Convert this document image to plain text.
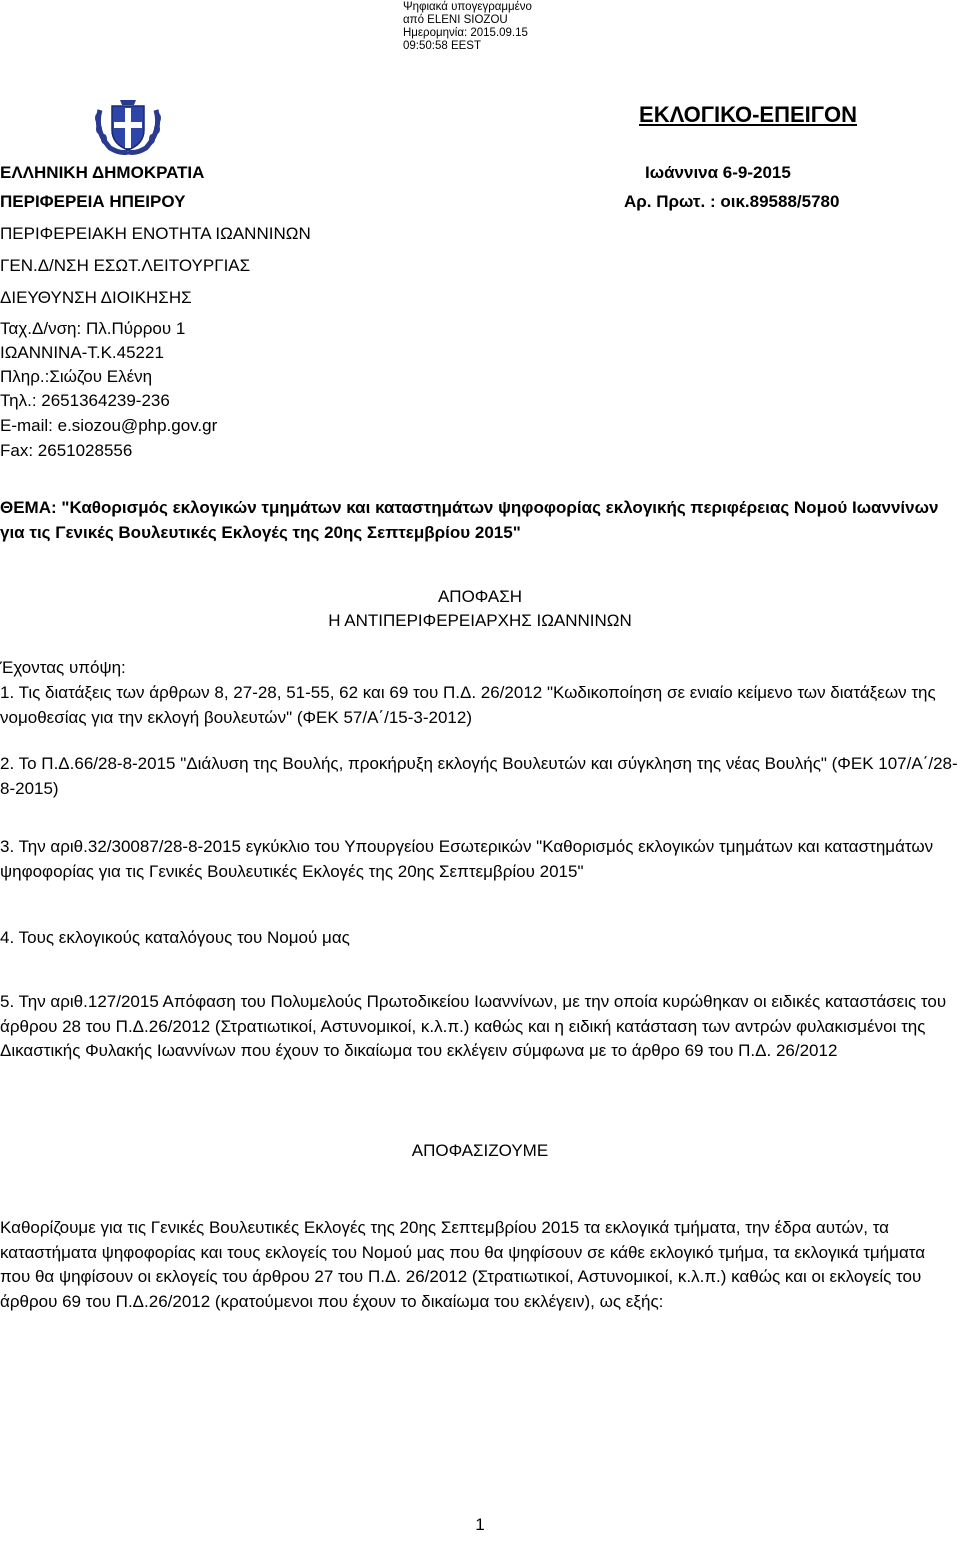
Ψηφιακά υπογεγραμμένο
από ELENI SIOZOU
Ημερομηνία: 2015.09.15
09:50:58 EEST
ΕΚΛΟΓΙΚΟ-ΕΠΕΙΓΟΝ
ΕΛΛΗΝΙΚΗ ΔΗΜΟΚΡΑΤΙΑ
ΠΕΡΙΦΕΡΕΙΑ ΗΠΕΙΡΟΥ
ΠΕΡΙΦΕΡΕΙΑΚΗ ΕΝΟΤΗΤΑ ΙΩΑΝΝΙΝΩΝ
ΓΕΝ.Δ/ΝΣΗ ΕΣΩΤ.ΛΕΙΤΟΥΡΓΙΑΣ
ΔΙΕΥΘΥΝΣΗ ΔΙΟΙΚΗΣΗΣ
Ταχ.Δ/νση: Πλ.Πύρρου 1
ΙΩΑΝΝΙΝΑ-Τ.Κ.45221
Πληρ.:Σιώζου Ελένη
Τηλ.: 2651364239-236
E-mail: e.siozou@php.gov.gr
Fax: 2651028556
Ιωάννινα 6-9-2015
Αρ. Πρωτ. : οικ.89588/5780
ΘΕΜΑ: "Καθορισμός εκλογικών τμημάτων και καταστημάτων ψηφοφορίας εκλογικής περιφέρειας Νομού Ιωαννίνων για τις Γενικές Βουλευτικές Εκλογές της 20ης Σεπτεμβρίου 2015"
ΑΠΟΦΑΣΗ
Η ΑΝΤΙΠΕΡΙΦΕΡΕΙΑΡΧΗΣ ΙΩΑΝΝΙΝΩΝ
Έχοντας υπόψη:
1. Τις διατάξεις των άρθρων 8, 27-28, 51-55, 62 και 69 του Π.Δ. 26/2012 "Κωδικοποίηση σε ενιαίο κείμενο των διατάξεων της νομοθεσίας για την εκλογή βουλευτών" (ΦΕΚ 57/Α΄/15-3-2012)
2. Το Π.Δ.66/28-8-2015 "Διάλυση της Βουλής, προκήρυξη εκλογής Βουλευτών και σύγκληση της νέας Βουλής" (ΦΕΚ 107/Α΄/28-8-2015)
3. Την αριθ.32/30087/28-8-2015 εγκύκλιο του Υπουργείου Εσωτερικών "Καθορισμός εκλογικών τμημάτων και καταστημάτων ψηφοφορίας για τις Γενικές Βουλευτικές Εκλογές της 20ης Σεπτεμβρίου 2015"
4. Τους εκλογικούς καταλόγους του Νομού μας
5. Την αριθ.127/2015 Απόφαση του Πολυμελούς Πρωτοδικείου Ιωαννίνων, με την οποία κυρώθηκαν οι ειδικές καταστάσεις του άρθρου 28 του Π.Δ.26/2012 (Στρατιωτικοί, Αστυνομικοί, κ.λ.π.) καθώς και η ειδική κατάσταση των αντρών φυλακισμένοι της Δικαστικής Φυλακής Ιωαννίνων που έχουν το δικαίωμα του εκλέγειν σύμφωνα με το άρθρο 69 του Π.Δ. 26/2012
ΑΠΟΦΑΣΙΖΟΥΜΕ
Καθορίζουμε για τις Γενικές Βουλευτικές Εκλογές της 20ης Σεπτεμβρίου 2015 τα εκλογικά τμήματα, την έδρα αυτών, τα καταστήματα ψηφοφορίας και τους εκλογείς του Νομού μας που θα ψηφίσουν σε κάθε εκλογικό τμήμα, τα εκλογικά τμήματα που θα ψηφίσουν οι εκλογείς του άρθρου 27 του Π.Δ. 26/2012 (Στρατιωτικοί, Αστυνομικοί, κ.λ.π.) καθώς και οι εκλογείς του άρθρου 69 του Π.Δ.26/2012 (κρατούμενοι που έχουν το δικαίωμα του εκλέγειν), ως εξής:
1
